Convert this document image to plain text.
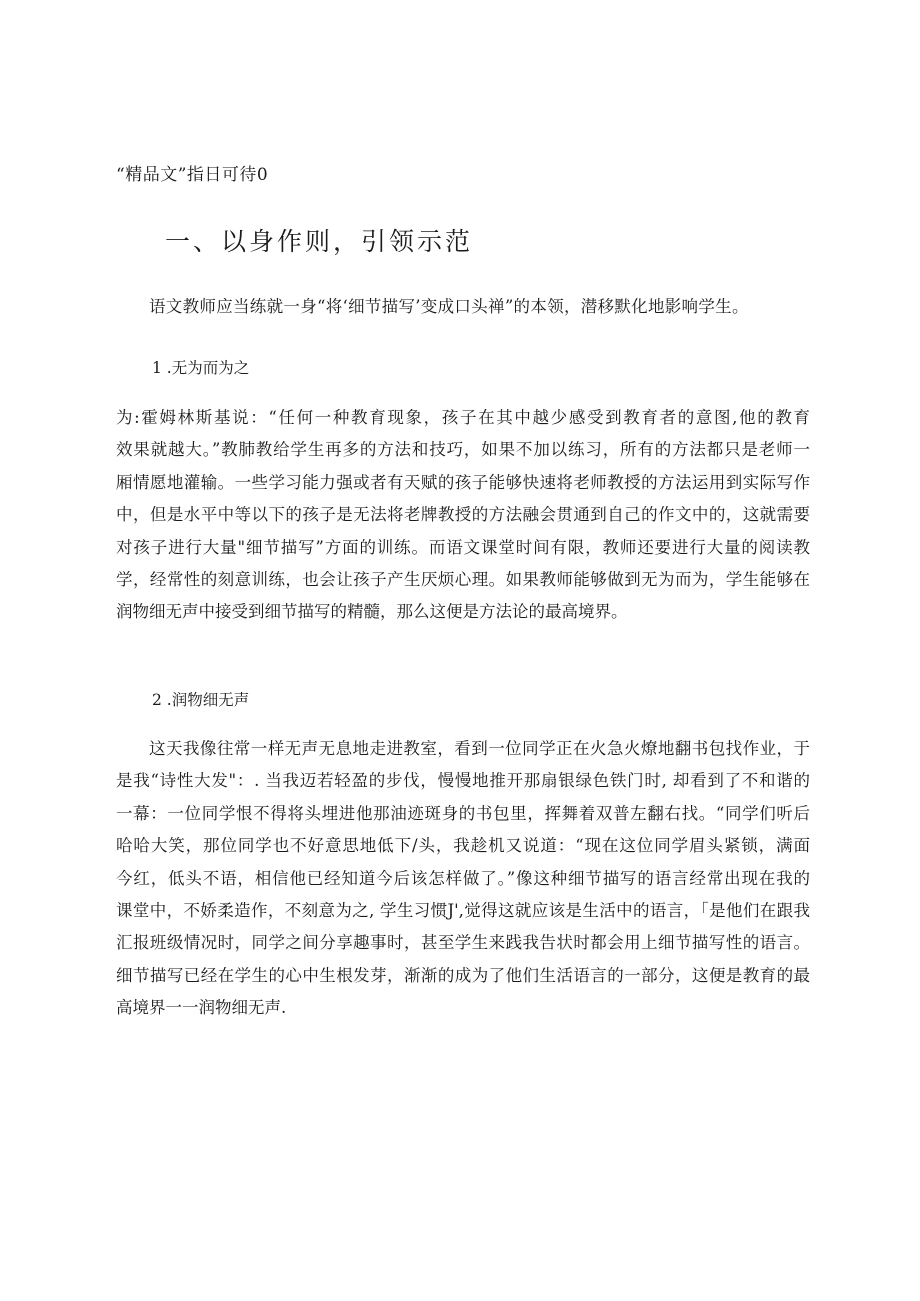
“精品文”指日可待0
一、以身作则，引领示范
语文教师应当练就一身“将‘细节描写’变成口头禅”的本领，潜移默化地影响学生。
1 .无为而为之
为:霍姆林斯基说：“任何一种教育现象，孩子在其中越少感受到教育者的意图,他的教育
效果就越大。”教肺教给学生再多的方法和技巧，如果不加以练习，所有的方法都只是老师一
厢情愿地灌输。一些学习能力强或者有天赋的孩子能够快速将老师教授的方法运用到实际写作
中，但是水平中等以下的孩子是无法将老牌教授的方法融会贯通到自己的作文中的，这就需要
对孩子进行大量"细节描写”方面的训练。而语文课堂时间有限，教师还要进行大量的阅读教
学，经常性的刻意训练，也会让孩子产生厌烦心理。如果教师能够做到无为而为，学生能够在
润物细无声中接受到细节描写的精髓，那么这便是方法论的最高境界。
2 .润物细无声
这天我像往常一样无声无息地走进教室，看到一位同学正在火急火燎地翻书包找作业，于
是我“诗性大发"：. 当我迈若轻盈的步伐，慢慢地推开那扇银绿色铁门时, 却看到了不和谐的
一幕：一位同学恨不得将头埋进他那油迹斑身的书包里，挥舞着双普左翻右找。“同学们听后
哈哈大笑，那位同学也不好意思地低下/头，我趁机又说道：“现在这位同学眉头紧锁，满面
今红，低头不语，相信他已经知道今后该怎样做了。”像这种细节描写的语言经常出现在我的
课堂中，不娇柔造作，不刻意为之, 学生习惯J',觉得这就应该是生活中的语言，「是他们在跟我
汇报班级情况时，同学之间分享趣事时，甚至学生来践我告状时都会用上细节描写性的语言。
细节描写已经在学生的心中生根发芽，渐渐的成为了他们生活语言的一部分，这便是教育的最
高境界一一润物细无声.
